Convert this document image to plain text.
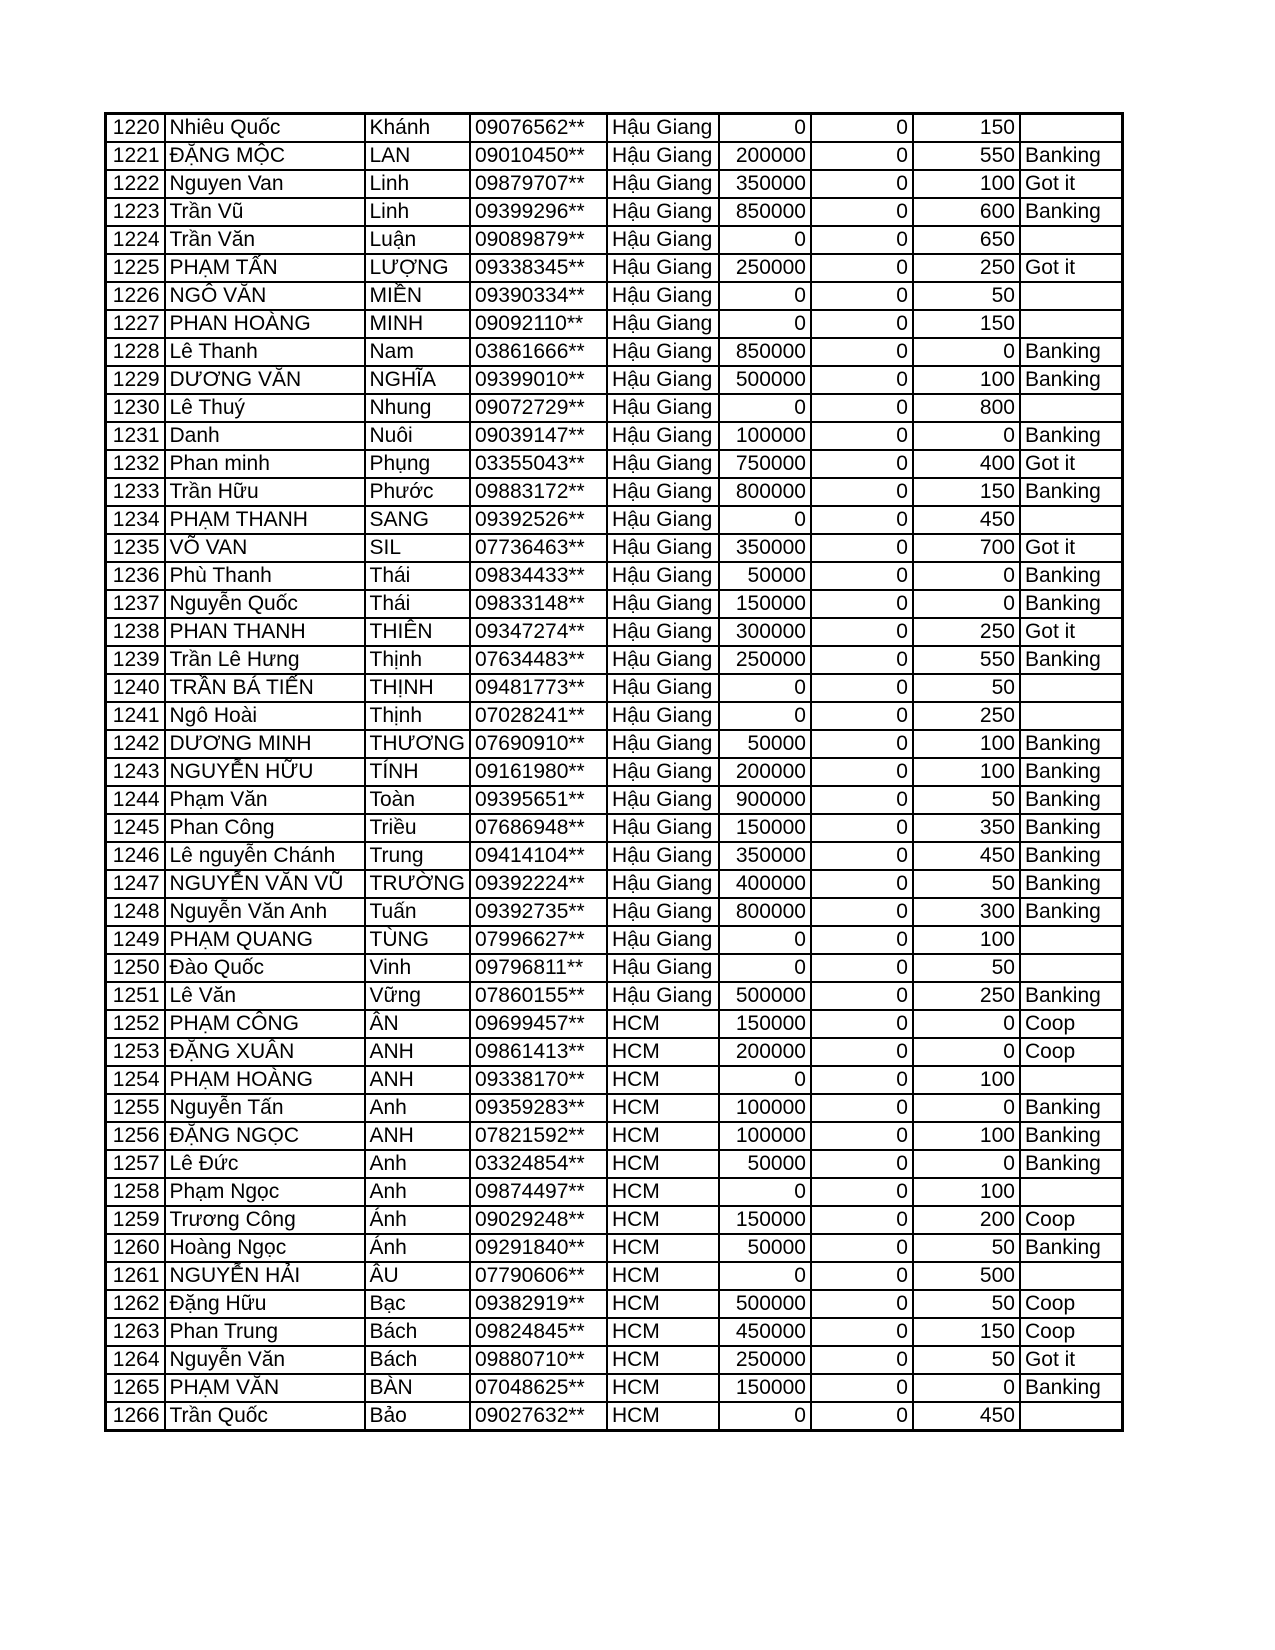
1220	Nhiêu Quốc	Khánh	09076562**	Hậu Giang	0	0	150	
1221	ĐẶNG MỘC	LAN	09010450**	Hậu Giang	200000	0	550	Banking
1222	Nguyen Van	Linh	09879707**	Hậu Giang	350000	0	100	Got it
1223	Trần Vũ	Linh	09399296**	Hậu Giang	850000	0	600	Banking
1224	Trần Văn	Luận	09089879**	Hậu Giang	0	0	650	
1225	PHẠM TẤN	LƯỢNG	09338345**	Hậu Giang	250000	0	250	Got it
1226	NGÔ VĂN	MIỀN	09390334**	Hậu Giang	0	0	50	
1227	PHAN HOÀNG	MINH	09092110**	Hậu Giang	0	0	150	
1228	Lê Thanh	Nam	03861666**	Hậu Giang	850000	0	0	Banking
1229	DƯƠNG VĂN	NGHĨA	09399010**	Hậu Giang	500000	0	100	Banking
1230	Lê Thuý	Nhung	09072729**	Hậu Giang	0	0	800	
1231	Danh	Nuôi	09039147**	Hậu Giang	100000	0	0	Banking
1232	Phan minh	Phụng	03355043**	Hậu Giang	750000	0	400	Got it
1233	Trần Hữu	Phước	09883172**	Hậu Giang	800000	0	150	Banking
1234	PHẠM THANH	SANG	09392526**	Hậu Giang	0	0	450	
1235	VÕ VAN	SIL	07736463**	Hậu Giang	350000	0	700	Got it
1236	Phù Thanh	Thái	09834433**	Hậu Giang	50000	0	0	Banking
1237	Nguyễn Quốc	Thái	09833148**	Hậu Giang	150000	0	0	Banking
1238	PHAN THANH	THIÊN	09347274**	Hậu Giang	300000	0	250	Got it
1239	Trần Lê Hưng	Thịnh	07634483**	Hậu Giang	250000	0	550	Banking
1240	TRẦN BÁ TIẾN	THỊNH	09481773**	Hậu Giang	0	0	50	
1241	Ngô Hoài	Thịnh	07028241**	Hậu Giang	0	0	250	
1242	DƯƠNG MINH	THƯƠNG	07690910**	Hậu Giang	50000	0	100	Banking
1243	NGUYỄN HỮU	TÍNH	09161980**	Hậu Giang	200000	0	100	Banking
1244	Phạm Văn	Toàn	09395651**	Hậu Giang	900000	0	50	Banking
1245	Phan Công	Triều	07686948**	Hậu Giang	150000	0	350	Banking
1246	Lê nguyễn Chánh	Trung	09414104**	Hậu Giang	350000	0	450	Banking
1247	NGUYỄN VĂN VŨ	TRƯỜNG	09392224**	Hậu Giang	400000	0	50	Banking
1248	Nguyễn Văn Anh	Tuấn	09392735**	Hậu Giang	800000	0	300	Banking
1249	PHẠM QUANG	TÙNG	07996627**	Hậu Giang	0	0	100	
1250	Đào Quốc	Vinh	09796811**	Hậu Giang	0	0	50	
1251	Lê Văn	Vững	07860155**	Hậu Giang	500000	0	250	Banking
1252	PHẠM CÔNG	ÂN	09699457**	HCM	150000	0	0	Coop
1253	ĐẶNG XUÂN	ANH	09861413**	HCM	200000	0	0	Coop
1254	PHẠM HOÀNG	ANH	09338170**	HCM	0	0	100	
1255	Nguyễn Tấn	Anh	09359283**	HCM	100000	0	0	Banking
1256	ĐẶNG NGỌC	ANH	07821592**	HCM	100000	0	100	Banking
1257	Lê Đức	Anh	03324854**	HCM	50000	0	0	Banking
1258	Phạm Ngọc	Anh	09874497**	HCM	0	0	100	
1259	Trương Công	Ánh	09029248**	HCM	150000	0	200	Coop
1260	Hoàng Ngọc	Ánh	09291840**	HCM	50000	0	50	Banking
1261	NGUYỄN HẢI	ÂU	07790606**	HCM	0	0	500	
1262	Đặng Hữu	Bạc	09382919**	HCM	500000	0	50	Coop
1263	Phan Trung	Bách	09824845**	HCM	450000	0	150	Coop
1264	Nguyễn Văn	Bách	09880710**	HCM	250000	0	50	Got it
1265	PHẠM VĂN	BÀN	07048625**	HCM	150000	0	0	Banking
1266	Trần Quốc	Bảo	09027632**	HCM	0	0	450	
